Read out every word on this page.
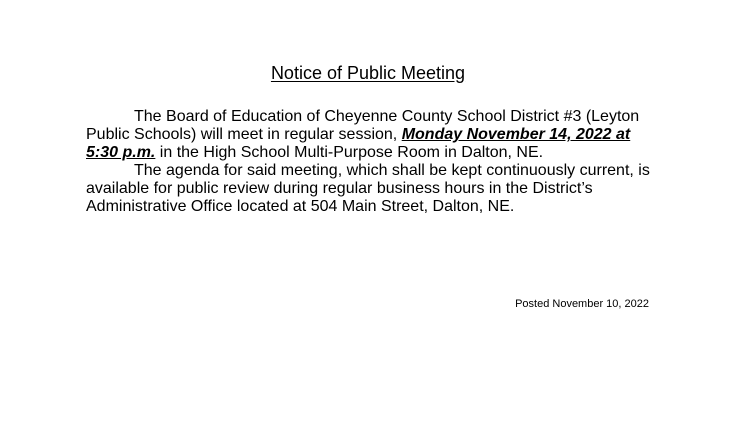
Notice of Public Meeting

The Board of Education of Cheyenne County School District #3 (Leyton Public Schools) will meet in regular session, Monday November 14, 2022 at 5:30 p.m. in the High School Multi-Purpose Room in Dalton, NE.

The agenda for said meeting, which shall be kept continuously current, is available for public review during regular business hours in the District’s Administrative Office located at 504 Main Street, Dalton, NE.

Posted November 10, 2022
